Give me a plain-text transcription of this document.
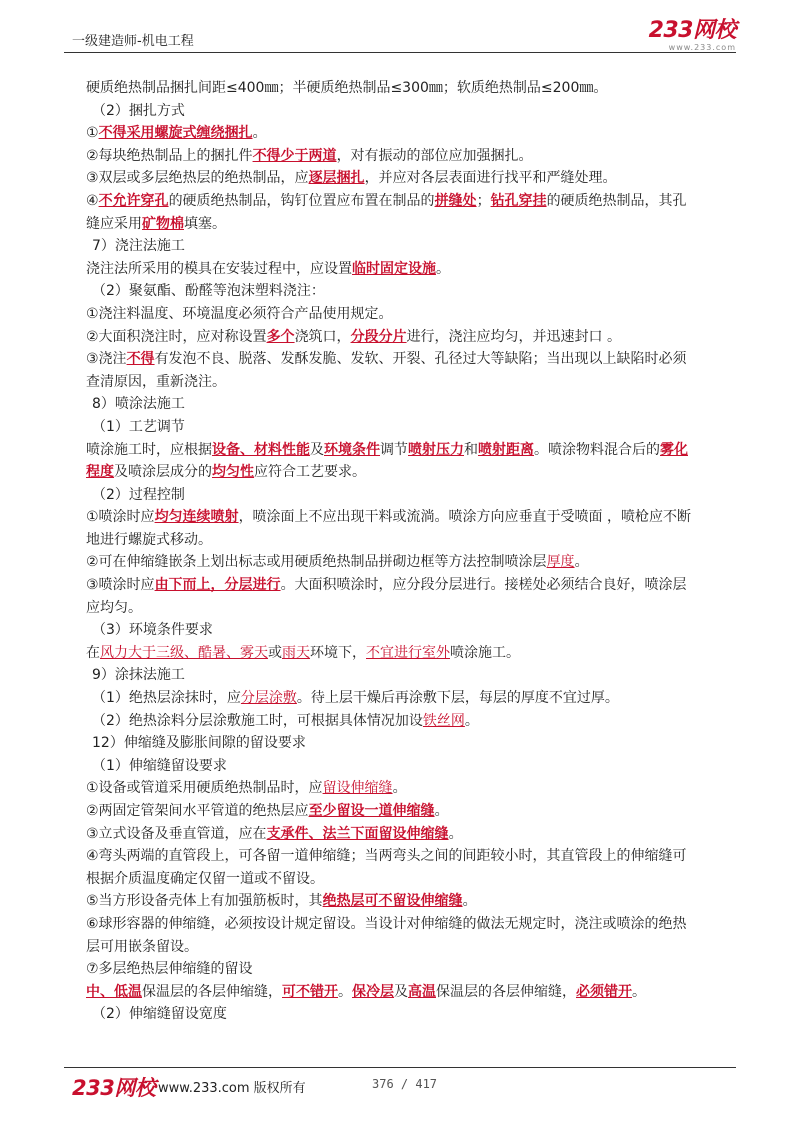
一级建造师-机电工程	233网校
www.233.com
硬质绝热制品捆扎间距≤400㎜；半硬质绝热制品≤300㎜；软质绝热制品≤200㎜。
（2）捆扎方式
①不得采用螺旋式缠绕捆扎。
②每块绝热制品上的捆扎件不得少于两道，对有振动的部位应加强捆扎。
③双层或多层绝热层的绝热制品，应逐层捆扎，并应对各层表面进行找平和严缝处理。
④不允许穿孔的硬质绝热制品，钩钉位置应布置在制品的拼缝处；钻孔穿挂的硬质绝热制品，其孔
缝应采用矿物棉填塞。
7）浇注法施工
浇注法所采用的模具在安装过程中，应设置临时固定设施。
（2）聚氨酯、酚醛等泡沫塑料浇注：
①浇注料温度、环境温度必须符合产品使用规定。
②大面积浇注时，应对称设置多个浇筑口，分段分片进行，浇注应均匀，并迅速封口 。
③浇注不得有发泡不良、脱落、发酥发脆、发软、开裂、孔径过大等缺陷；当出现以上缺陷时必须
查清原因，重新浇注。
8）喷涂法施工
（1）工艺调节
喷涂施工时，应根据设备、材料性能及环境条件调节喷射压力和喷射距离。喷涂物料混合后的雾化
程度及喷涂层成分的均匀性应符合工艺要求。
（2）过程控制
①喷涂时应均匀连续喷射，喷涂面上不应出现干料或流淌。喷涂方向应垂直于受喷面 ，喷枪应不断
地进行螺旋式移动。
②可在伸缩缝嵌条上划出标志或用硬质绝热制品拼砌边框等方法控制喷涂层厚度。
③喷涂时应由下而上，分层进行。大面积喷涂时，应分段分层进行。接槎处必须结合良好，喷涂层
应均匀。
（3）环境条件要求
在风力大于三级、酷暑、雾天或雨天环境下，不宜进行室外喷涂施工。
9）涂抹法施工
（1）绝热层涂抹时，应分层涂敷。待上层干燥后再涂敷下层，每层的厚度不宜过厚。
（2）绝热涂料分层涂敷施工时，可根据具体情况加设铁丝网。
12）伸缩缝及膨胀间隙的留设要求
（1）伸缩缝留设要求
①设备或管道采用硬质绝热制品时，应留设伸缩缝。
②两固定管架间水平管道的绝热层应至少留设一道伸缩缝。
③立式设备及垂直管道，应在支承件、法兰下面留设伸缩缝。
④弯头两端的直管段上，可各留一道伸缩缝；当两弯头之间的间距较小时，其直管段上的伸缩缝可
根据介质温度确定仅留一道或不留设。
⑤当方形设备壳体上有加强筋板时，其绝热层可不留设伸缩缝。
⑥球形容器的伸缩缝，必须按设计规定留设。当设计对伸缩缝的做法无规定时，浇注或喷涂的绝热
层可用嵌条留设。
⑦多层绝热层伸缩缝的留设
中、低温保温层的各层伸缩缝，可不错开。保冷层及高温保温层的各层伸缩缝，必须错开。
（2）伸缩缝留设宽度
233网校 www.233.com 版权所有	376 / 417
